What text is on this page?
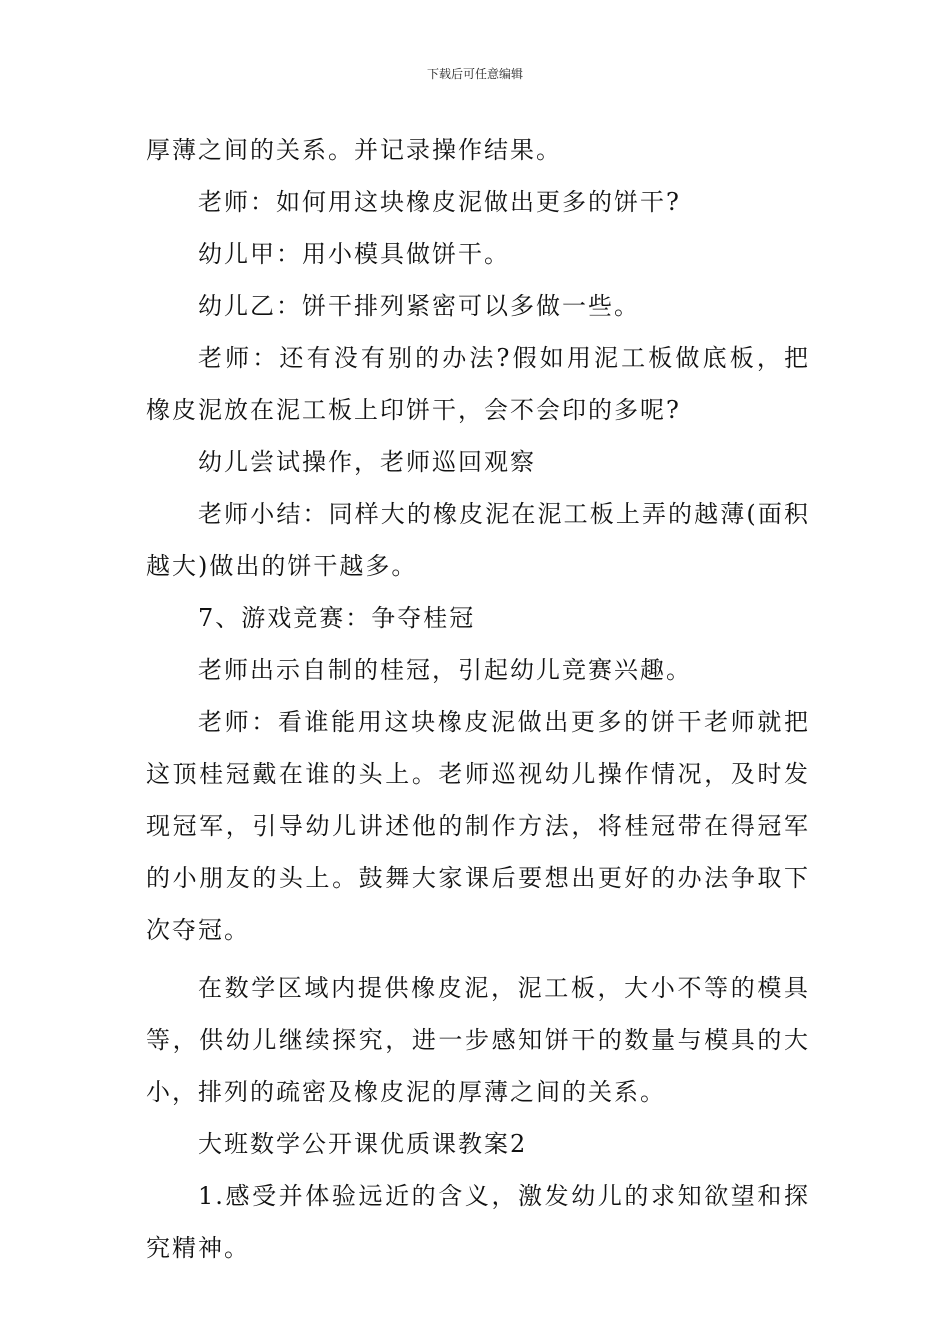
下载后可任意编辑

厚薄之间的关系。并记录操作结果。

老师：如何用这块橡皮泥做出更多的饼干?

幼儿甲：用小模具做饼干。

幼儿乙：饼干排列紧密可以多做一些。

老师：还有没有别的办法?假如用泥工板做底板，把橡皮泥放在泥工板上印饼干，会不会印的多呢?

幼儿尝试操作，老师巡回观察

老师小结：同样大的橡皮泥在泥工板上弄的越薄(面积越大)做出的饼干越多。

7、游戏竞赛：争夺桂冠

老师出示自制的桂冠，引起幼儿竞赛兴趣。

老师：看谁能用这块橡皮泥做出更多的饼干老师就把这顶桂冠戴在谁的头上。老师巡视幼儿操作情况，及时发现冠军，引导幼儿讲述他的制作方法，将桂冠带在得冠军的小朋友的头上。鼓舞大家课后要想出更好的办法争取下次夺冠。

在数学区域内提供橡皮泥，泥工板，大小不等的模具等，供幼儿继续探究，进一步感知饼干的数量与模具的大小，排列的疏密及橡皮泥的厚薄之间的关系。

大班数学公开课优质课教案2

1.感受并体验远近的含义，激发幼儿的求知欲望和探究精神。
